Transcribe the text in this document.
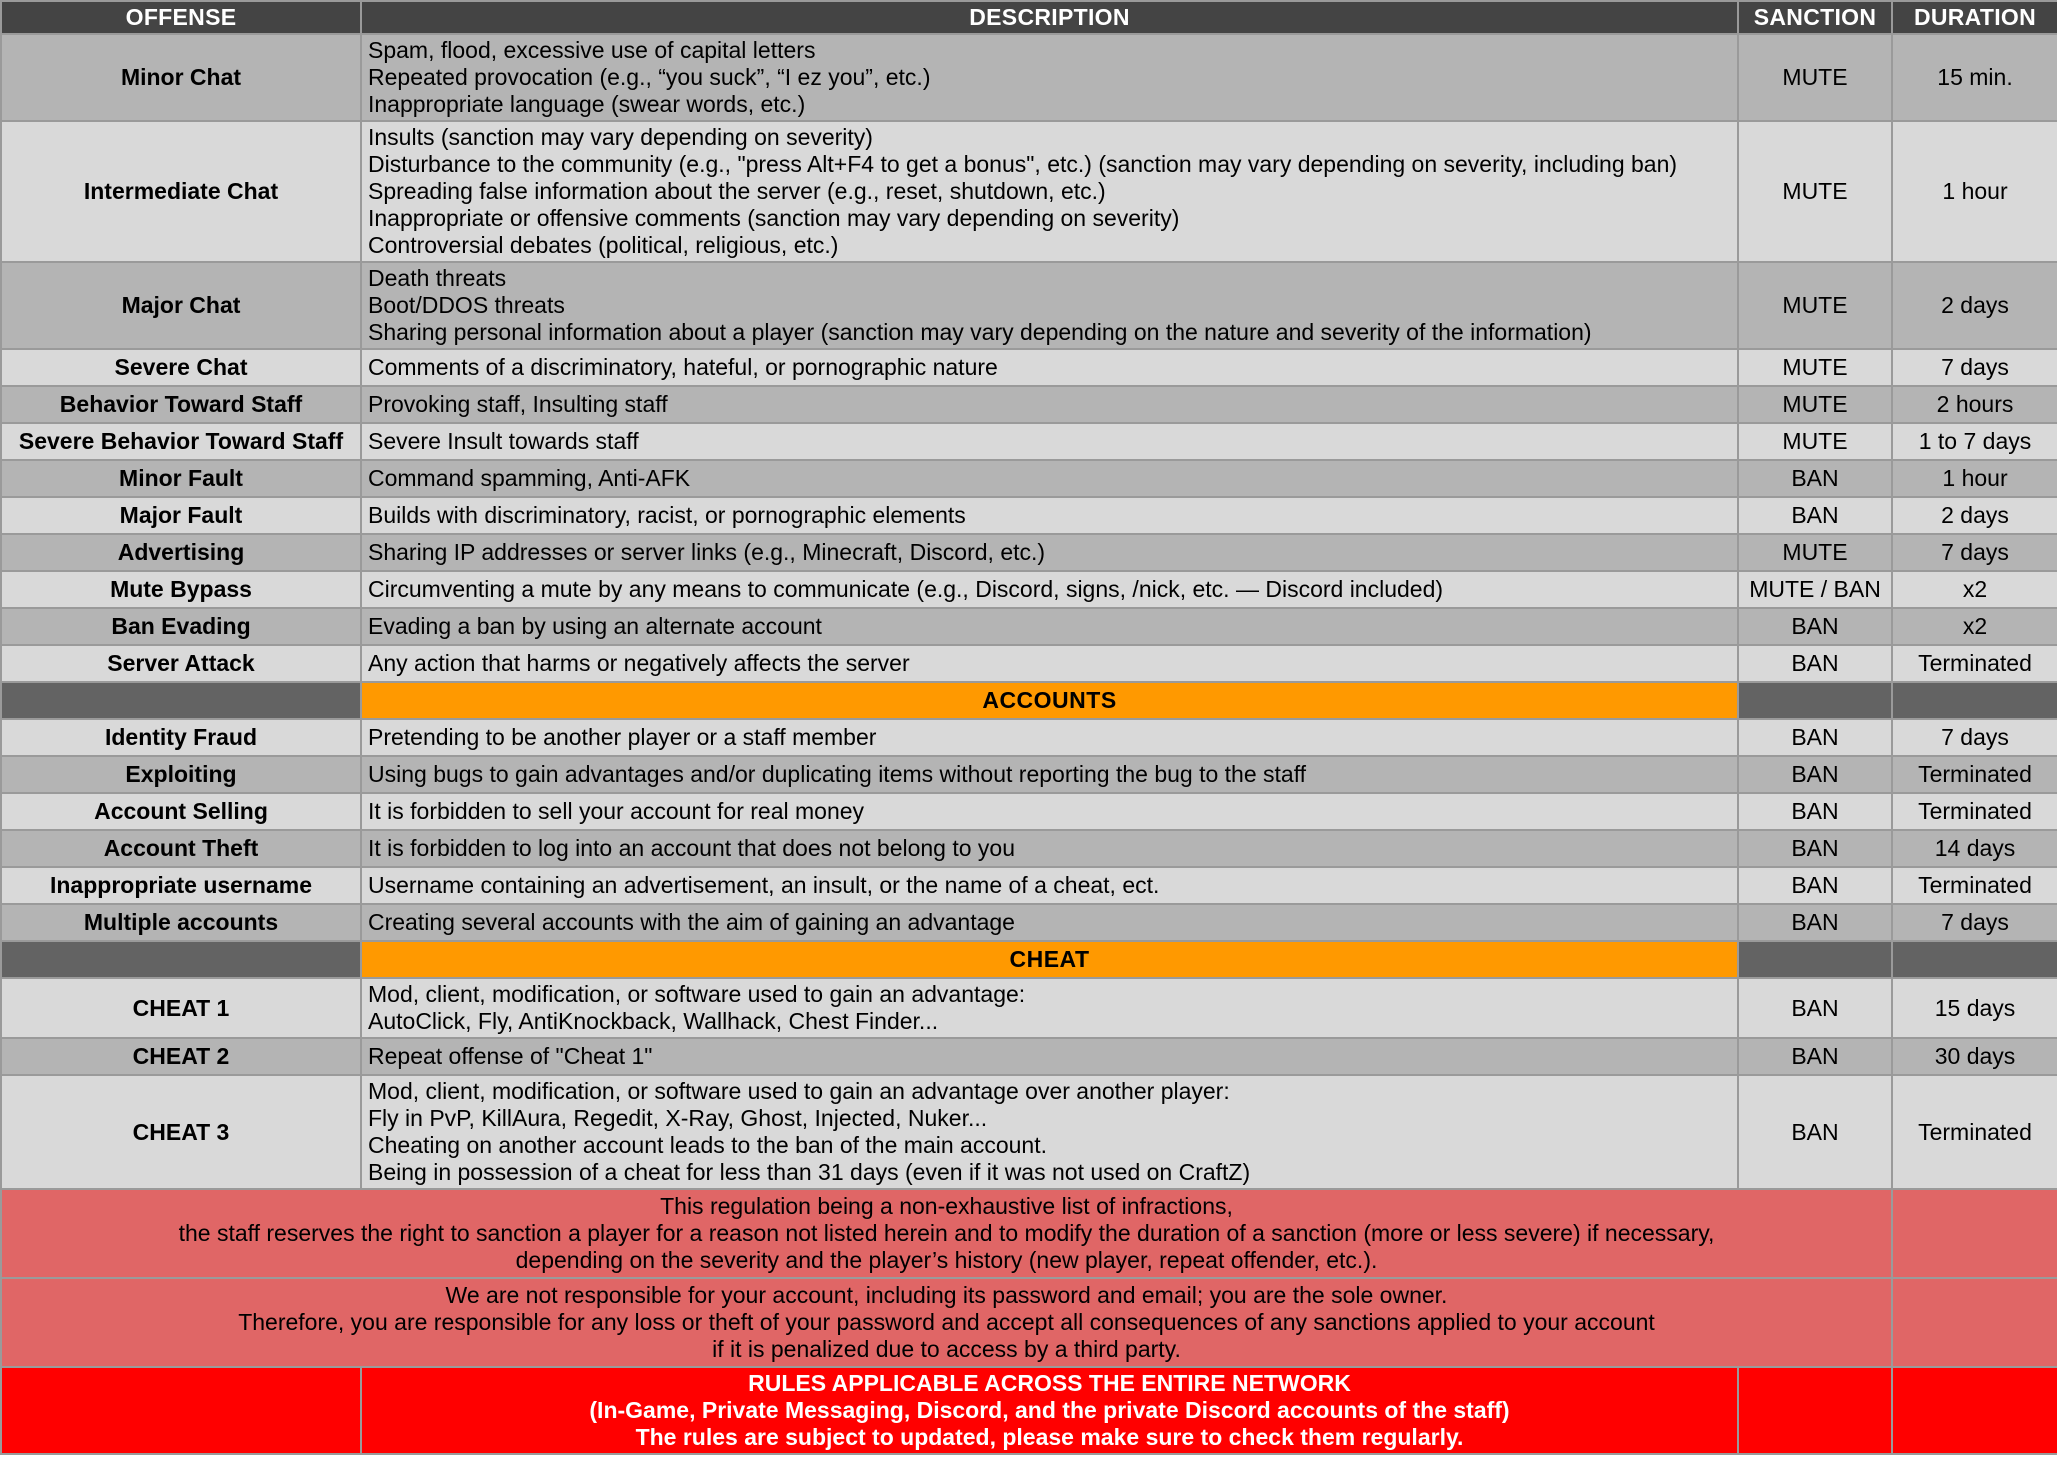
OFFENSE	DESCRIPTION	SANCTION	DURATION
Minor Chat	Spam, flood, excessive use of capital letters
Repeated provocation (e.g., “you suck”, “I ez you”, etc.)
Inappropriate language (swear words, etc.)	MUTE	15 min.
Intermediate Chat	Insults (sanction may vary depending on severity)
Disturbance to the community (e.g., "press Alt+F4 to get a bonus", etc.) (sanction may vary depending on severity, including ban)
Spreading false information about the server (e.g., reset, shutdown, etc.)
Inappropriate or offensive comments (sanction may vary depending on severity)
Controversial debates (political, religious, etc.)	MUTE	1 hour
Major Chat	Death threats
Boot/DDOS threats
Sharing personal information about a player (sanction may vary depending on the nature and severity of the information)	MUTE	2 days
Severe Chat	Comments of a discriminatory, hateful, or pornographic nature	MUTE	7 days
Behavior Toward Staff	Provoking staff, Insulting staff	MUTE	2 hours
Severe Behavior Toward Staff	Severe Insult towards staff	MUTE	1 to 7 days
Minor Fault	Command spamming, Anti-AFK	BAN	1 hour
Major Fault	Builds with discriminatory, racist, or pornographic elements	BAN	2 days
Advertising	Sharing IP addresses or server links (e.g., Minecraft, Discord, etc.)	MUTE	7 days
Mute Bypass	Circumventing a mute by any means to communicate (e.g., Discord, signs, /nick, etc. — Discord included)	MUTE / BAN	x2
Ban Evading	Evading a ban by using an alternate account	BAN	x2
Server Attack	Any action that harms or negatively affects the server	BAN	Terminated
	ACCOUNTS		
Identity Fraud	Pretending to be another player or a staff member	BAN	7 days
Exploiting	Using bugs to gain advantages and/or duplicating items without reporting the bug to the staff	BAN	Terminated
Account Selling	It is forbidden to sell your account for real money	BAN	Terminated
Account Theft	It is forbidden to log into an account that does not belong to you	BAN	14 days
Inappropriate username	Username containing an advertisement, an insult, or the name of a cheat, ect.	BAN	Terminated
Multiple accounts	Creating several accounts with the aim of gaining an advantage	BAN	7 days
	CHEAT		
CHEAT 1	Mod, client, modification, or software used to gain an advantage:
AutoClick, Fly, AntiKnockback, Wallhack, Chest Finder...	BAN	15 days
CHEAT 2	Repeat offense of "Cheat 1"	BAN	30 days
CHEAT 3	Mod, client, modification, or software used to gain an advantage over another player:
Fly in PvP, KillAura, Regedit, X-Ray, Ghost, Injected, Nuker...
Cheating on another account leads to the ban of the main account.
Being in possession of a cheat for less than 31 days (even if it was not used on CraftZ)	BAN	Terminated

This regulation being a non-exhaustive list of infractions,
the staff reserves the right to sanction a player for a reason not listed herein and to modify the duration of a sanction (more or less severe) if necessary,
depending on the severity and the player’s history (new player, repeat offender, etc.).			

We are not responsible for your account, including its password and email; you are the sole owner.
Therefore, you are responsible for any loss or theft of your password and accept all consequences of any sanctions applied to your account
if it is penalized due to access by a third party.			

	RULES APPLICABLE ACROSS THE ENTIRE NETWORK
(In-Game, Private Messaging, Discord, and the private Discord accounts of the staff)
The rules are subject to updated, please make sure to check them regularly.		
